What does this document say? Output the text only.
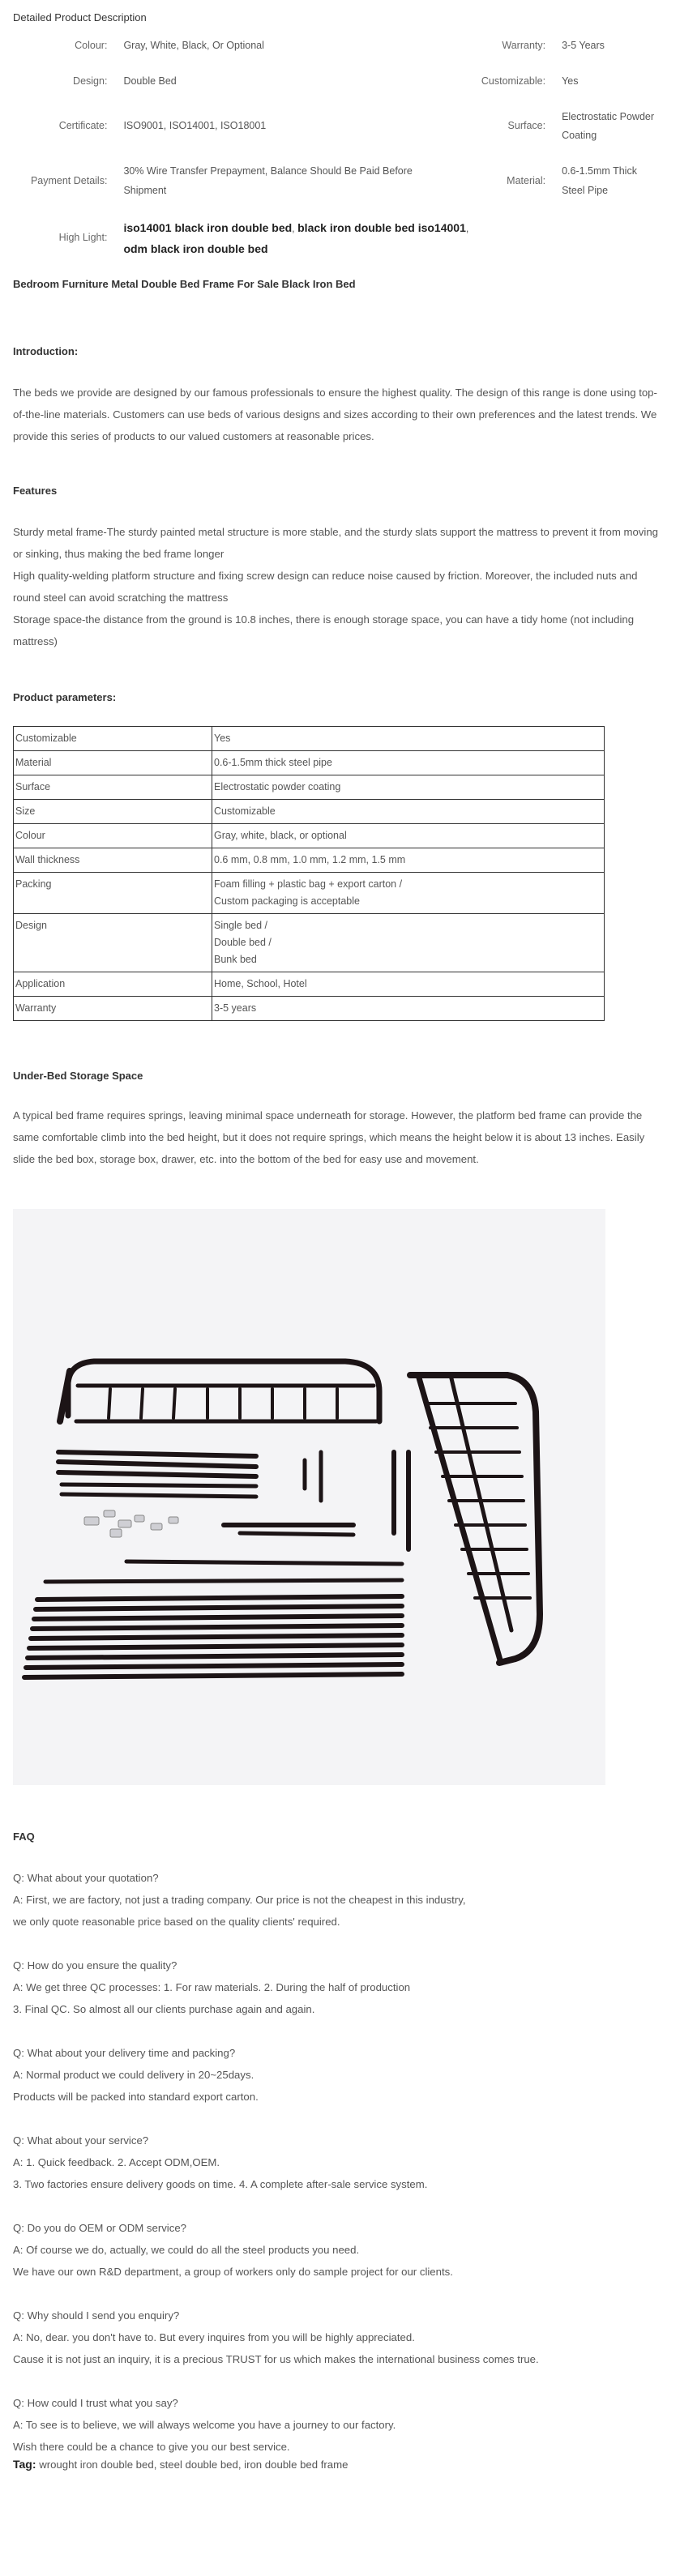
Detailed Product Description
Colour:	Gray, White, Black, Or Optional	Warranty:	3-5 Years
Design:	Double Bed	Customizable:	Yes
Certificate:	ISO9001, ISO14001, ISO18001	Surface:	Electrostatic Powder Coating
Payment Details:	30% Wire Transfer Prepayment, Balance Should Be Paid Before Shipment	Material:	0.6-1.5mm Thick Steel Pipe
High Light:	iso14001 black iron double bed, black iron double bed iso14001,
odm black iron double bed		
Bedroom Furniture Metal Double Bed Frame For Sale Black Iron Bed
Introduction:

The beds we provide are designed by our famous professionals to ensure the highest quality. The design of this range is done using top-of-the-line materials. Customers can use beds of various designs and sizes according to their own preferences and the latest trends. We provide this series of products to our valued customers at reasonable prices.

Features

Sturdy metal frame-The sturdy painted metal structure is more stable, and the sturdy slats support the mattress to prevent it from moving or sinking, thus making the bed frame longer

High quality-welding platform structure and fixing screw design can reduce noise caused by friction. Moreover, the included nuts and round steel can avoid scratching the mattress

Storage space-the distance from the ground is 10.8 inches, there is enough storage space, you can have a tidy home (not including mattress)

Product parameters:
Customizable	Yes

Material	0.6-1.5mm thick steel pipe

Surface	Electrostatic powder coating

Size	Customizable

Colour	Gray, white, black, or optional

Wall thickness	0.6 mm, 0.8 mm, 1.0 mm, 1.2 mm, 1.5 mm

Packing	Foam filling + plastic bag + export carton /
Custom packaging is acceptable

Design	Single bed /
Double bed /
Bunk bed

Application	Home, School, Hotel

Warranty	3-5 years
Under-Bed Storage Space

A typical bed frame requires springs, leaving minimal space underneath for storage. However, the platform bed frame can provide the same comfortable climb into the bed height, but it does not require springs, which means the height below it is about 13 inches. Easily slide the bed box, storage box, drawer, etc. into the bottom of the bed for easy use and movement.

FAQ

Q: What about your quotation?

A: First, we are factory, not just a trading company. Our price is not the cheapest in this industry,

we only quote reasonable price based on the quality clients' required.

Q: How do you ensure the quality?

A: We get three QC processes: 1. For raw materials. 2. During the half of production

3. Final QC. So almost all our clients purchase again and again.

Q: What about your delivery time and packing?

A: Normal product we could delivery in 20~25days.

Products will be packed into standard export carton.

Q: What about your service?

A: 1. Quick feedback. 2. Accept ODM,OEM.

3. Two factories ensure delivery goods on time. 4. A complete after-sale service system.

Q: Do you do OEM or ODM service?

A: Of course we do, actually, we could do all the steel products you need.

We have our own R&D department, a group of workers only do sample project for our clients.

Q: Why should I send you enquiry?

A: No, dear. you don't have to. But every inquires from you will be highly appreciated.

Cause it is not just an inquiry, it is a precious TRUST for us which makes the international business comes true.

Q: How could I trust what you say?

A: To see is to believe, we will always welcome you have a journey to our factory.

Wish there could be a chance to give you our best service.

Tag: wrought iron double bed, steel double bed, iron double bed frame
